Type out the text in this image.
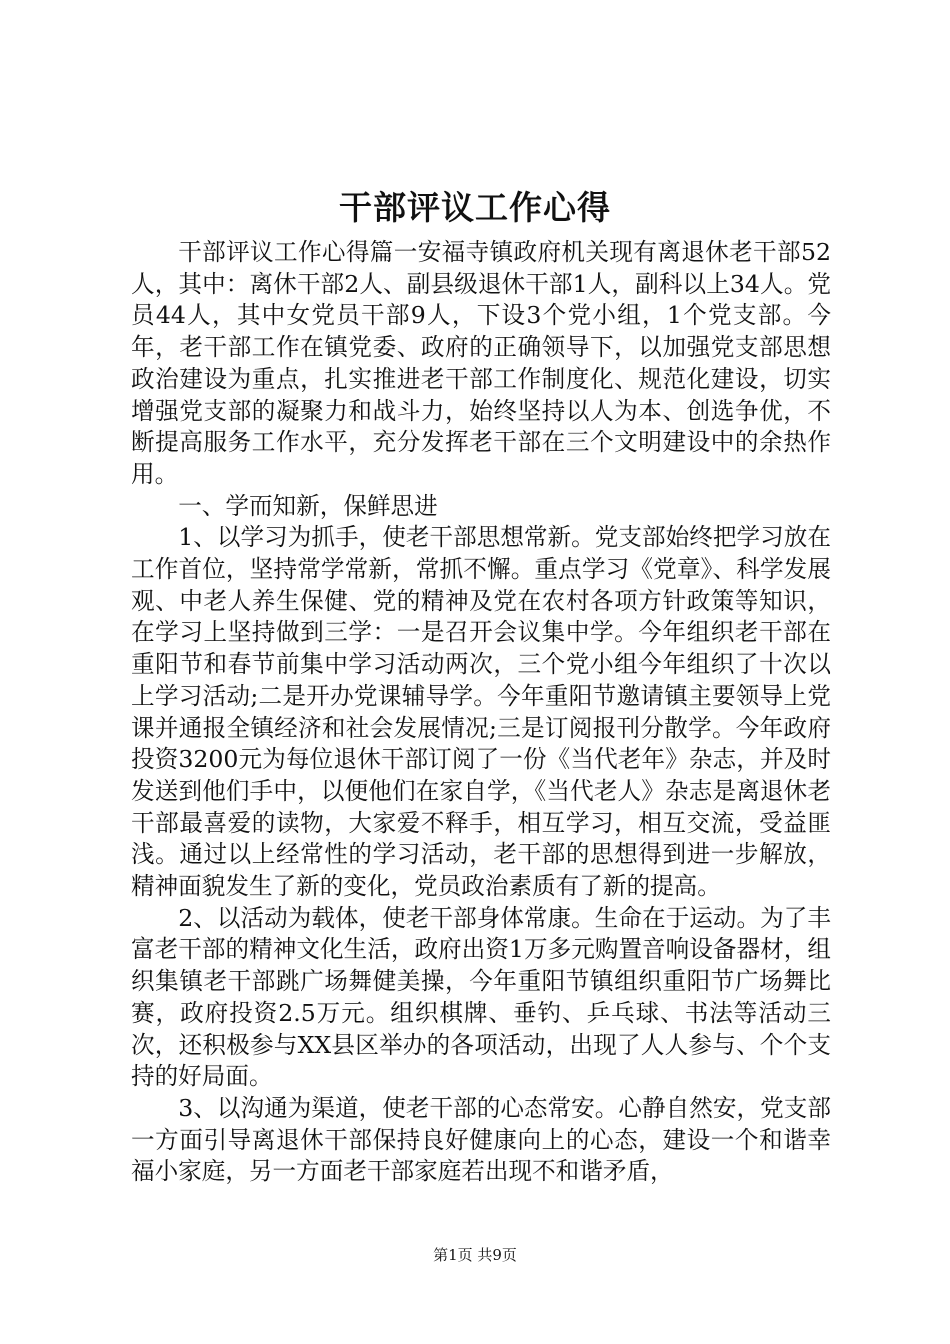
干部评议工作心得

干部评议工作心得篇一安福寺镇政府机关现有离退休老干部52人，其中：离休干部2人、副县级退休干部1人，副科以上34人。党员44人，其中女党员干部9人，下设3个党小组，1个党支部。今年，老干部工作在镇党委、政府的正确领导下，以加强党支部思想政治建设为重点，扎实推进老干部工作制度化、规范化建设，切实增强党支部的凝聚力和战斗力，始终坚持以人为本、创选争优，不断提高服务工作水平，充分发挥老干部在三个文明建设中的余热作用。

一、学而知新，保鲜思进

1、以学习为抓手，使老干部思想常新。党支部始终把学习放在工作首位，坚持常学常新，常抓不懈。重点学习《党章》、科学发展观、中老人养生保健、党的精神及党在农村各项方针政策等知识，在学习上坚持做到三学：一是召开会议集中学。今年组织老干部在重阳节和春节前集中学习活动两次，三个党小组今年组织了十次以上学习活动;二是开办党课辅导学。今年重阳节邀请镇主要领导上党课并通报全镇经济和社会发展情况;三是订阅报刊分散学。今年政府投资3200元为每位退休干部订阅了一份《当代老年》杂志，并及时发送到他们手中，以便他们在家自学，《当代老人》杂志是离退休老干部最喜爱的读物，大家爱不释手，相互学习，相互交流，受益匪浅。通过以上经常性的学习活动，老干部的思想得到进一步解放，精神面貌发生了新的变化，党员政治素质有了新的提高。

2、以活动为载体，使老干部身体常康。生命在于运动。为了丰富老干部的精神文化生活，政府出资1万多元购置音响设备器材，组织集镇老干部跳广场舞健美操，今年重阳节镇组织重阳节广场舞比赛，政府投资2.5万元。组织棋牌、垂钓、乒乓球、书法等活动三次，还积极参与XX县区举办的各项活动，出现了人人参与、个个支持的好局面。

3、以沟通为渠道，使老干部的心态常安。心静自然安，党支部一方面引导离退休干部保持良好健康向上的心态，建设一个和谐幸福小家庭，另一方面老干部家庭若出现不和谐矛盾，

第1页 共9页
